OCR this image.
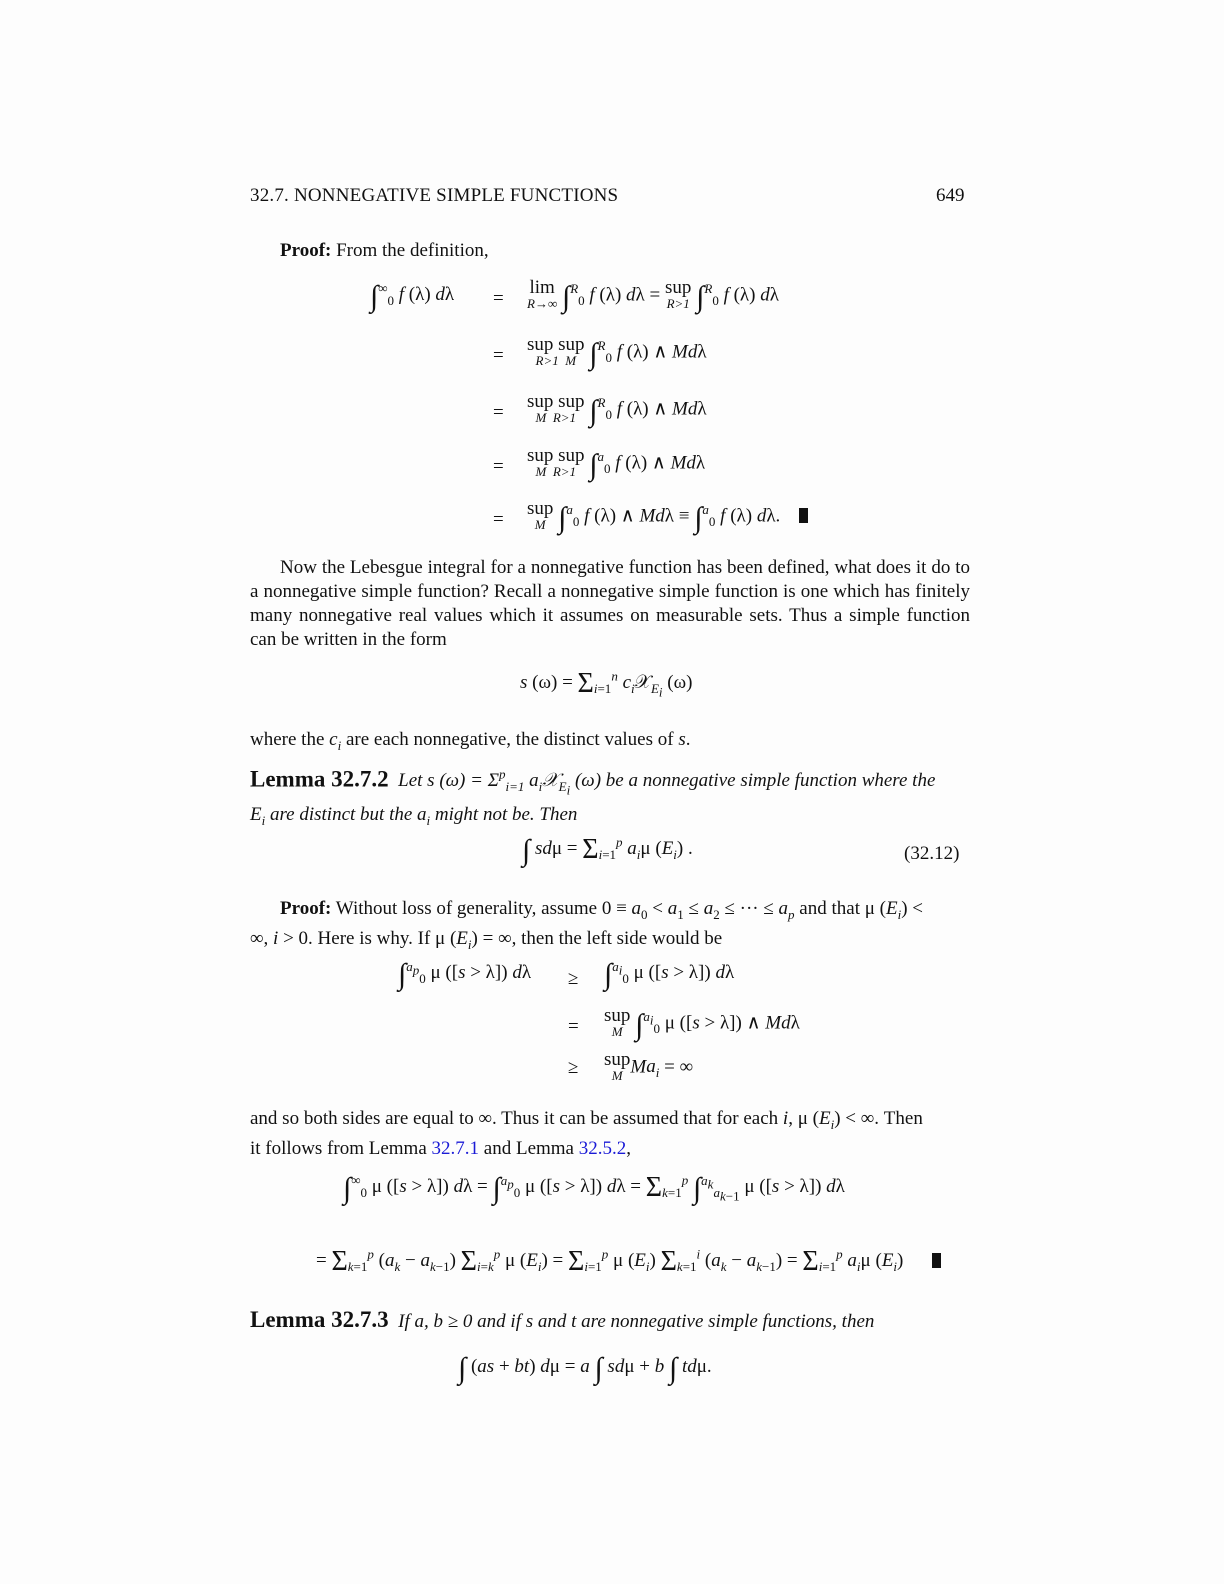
32.7. NONNEGATIVE SIMPLE FUNCTIONS	649
Proof: From the definition,
$\int^\infty_0$ f (λ) dλ =
lim
R→∞ ∫$^R_0$ f (λ) dλ = sup
R>1 ∫$^R_0$ f (λ) dλ
=
sup sup
R>1  M ∫$^R_0$ f (λ) ∧ Mdλ
=
sup sup
M  R>1 ∫$^R_0$ f (λ) ∧ Mdλ
=
sup sup
M  R>1 ∫$^a_0$ f (λ) ∧ Mdλ
=
sup
M ∫$^a_0$ f (λ) ∧ Mdλ ≡ ∫$^a_0$ f (λ) dλ.
Now the Lebesgue integral for a nonnegative function has been defined, what does it do to a nonnegative simple function? Recall a nonnegative simple function is one which has finitely many nonnegative real values which it assumes on measurable sets. Thus a simple function can be written in the form
s $(\omega) = \Sigma_{i=1}^n$ $c_i𝒳_{E_i}$ (ω)
where the $c_i$ are each nonnegative, the distinct values of s.
Lemma 32.7.2 Let s $(\omega) = \Sigma^p_{i=1}$ $a_i𝒳_{E_i}$ (ω) be a nonnegative simple function where the
$E_i$ are distinct but the $a_i$ might not be. Then
∫ $sd\mu = \Sigma_{i=1}^p$ $a_i\mu$ $(E_i)$ .	(32.12)
Proof: Without loss of generality, assume $0 \equiv a_0 < a_1 \le a_2$ ≤ ··· ≤ $a_p$ and that μ $(E_i)$ <
∞, i > 0. Here is why. If μ $(E_i)$ = ∞, then the left side would be
∫$^{a_p}_0$ μ ([s > λ]) dλ ≥ ∫$^{a_i}_0$ μ ([s > λ]) dλ
=
sup
M ∫$^{a_i}_0$ μ ([s > λ]) ∧ Mdλ
≥ sup
M $Ma_i$ = ∞
and so both sides are equal to ∞. Thus it can be assumed that for each i, μ $(E_i)$ < ∞. Then
it follows from Lemma 32.7.1 and Lemma 32.5.2,
$\int^\infty_0$ μ ([s > λ]) dλ = ∫$^{a_p}_0$ μ ([s > λ]) $d\lambda = \Sigma_{k=1}^p$ ∫$^{a_k}_{a_{k-1}}$ μ ([s > λ]) dλ
= $\Sigma_{k=1}^p$ $(a_k - a_{k-1})$ $\Sigma_{i=k}^p$ μ $(E_i) = \Sigma_{i=1}^p$ μ $(E_i)$ $\Sigma_{k=1}^i$ $(a_k - a_{k-1}) = \Sigma_{i=1}^p$ $a_i\mu$ $(E_i)$
Lemma 32.7.3 If a, b ≥ 0 and if s and t are nonnegative simple functions, then
∫ (as + bt) dμ = a ∫ sdμ + b ∫ tdμ.
